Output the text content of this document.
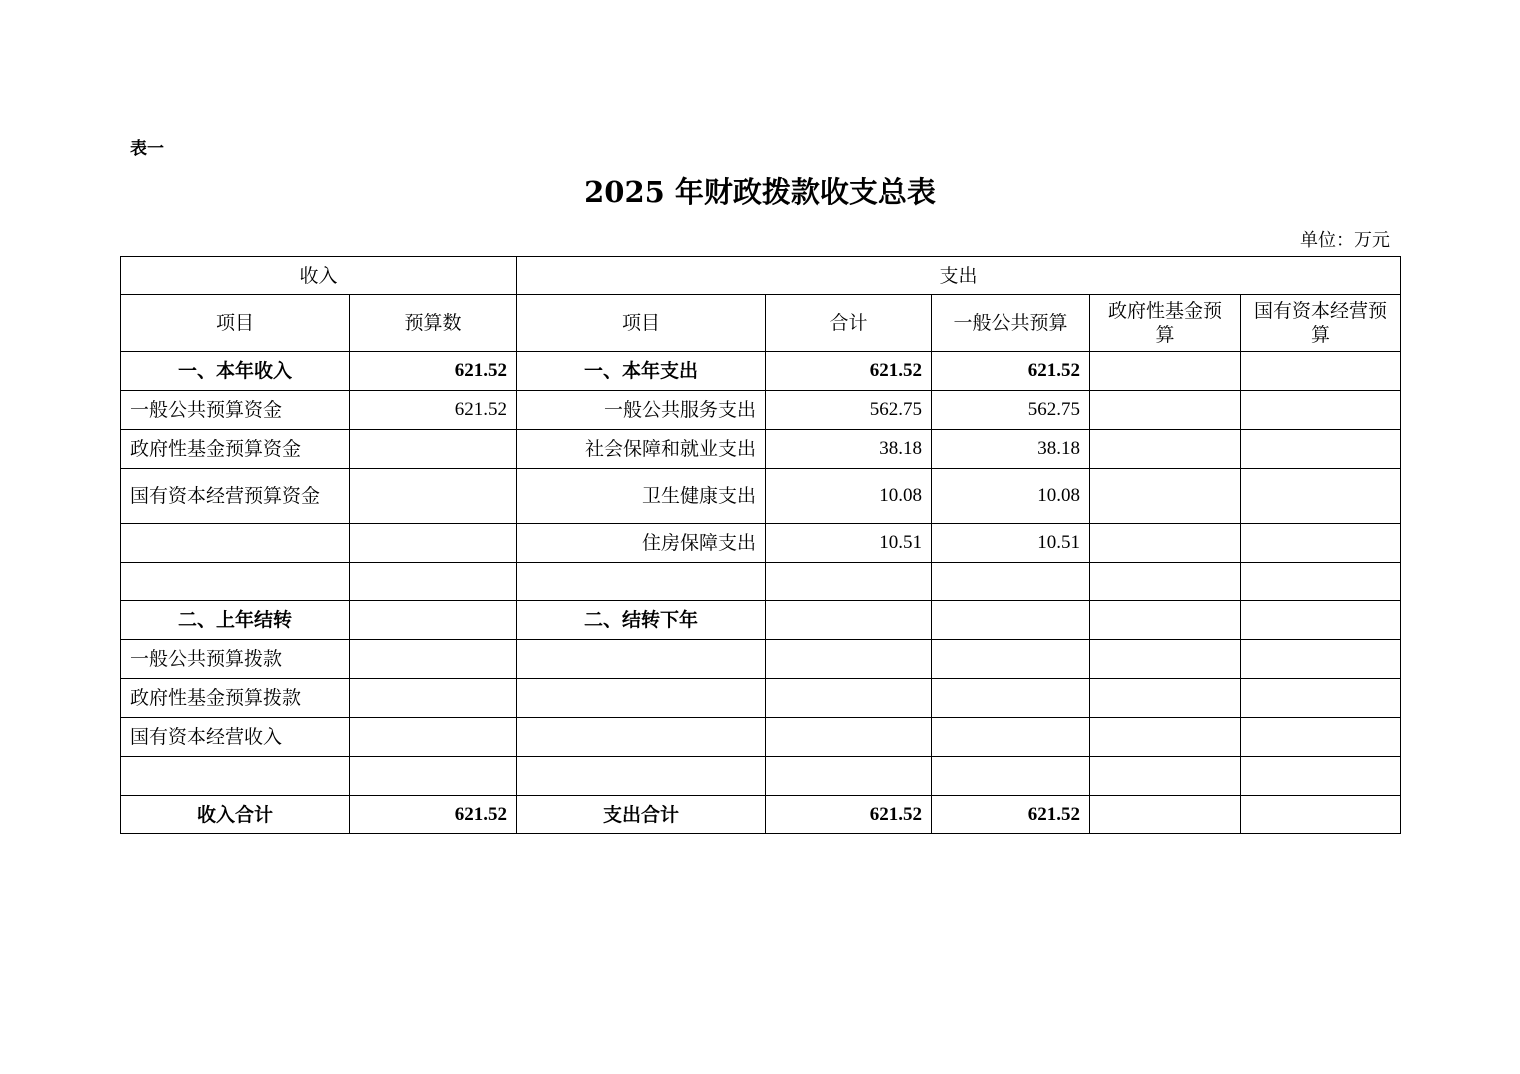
表一
2025 年财政拨款收支总表
单位：万元
收入		支出				
项目	预算数	项目	合计	一般公共预算	政府性基金预算	国有资本经营预算
一、本年收入	621.52	一、本年支出	621.52	621.52		
一般公共预算资金	621.52	一般公共服务支出	562.75	562.75		
政府性基金预算资金		社会保障和就业支出	38.18	38.18		
国有资本经营预算资金		卫生健康支出	10.08	10.08		
		住房保障支出	10.51	10.51		

二、上年结转		二、结转下年				
一般公共预算拨款						
政府性基金预算拨款						
国有资本经营收入						

收入合计	621.52	支出合计	621.52	621.52		
